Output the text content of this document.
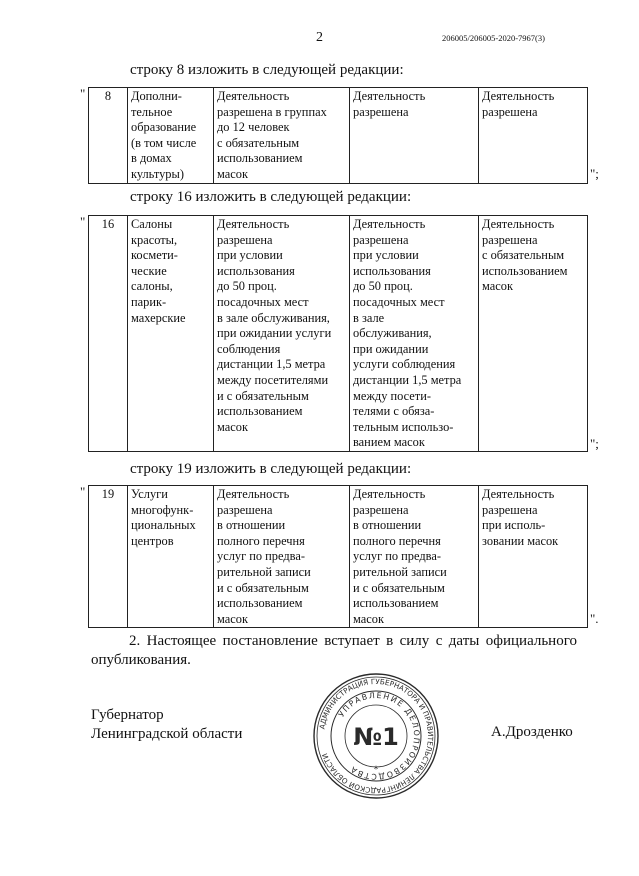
2	206005/206005-2020-7967(3)
строку 8 изложить в следующей редакции:
" 8	Дополни-
тельное
образование
(в том числе
в домах
культуры)	Деятельность
разрешена в группах
до 12 человек
с обязательным
использованием
масок	Деятельность
разрешена	Деятельность
разрешена
";
строку 16 изложить в следующей редакции:
" 16	Салоны
красоты,
космети-
ческие
салоны,
парик-
махерские	Деятельность
разрешена
при условии
использования
до 50 проц.
посадочных мест
в зале обслуживания,
при ожидании услуги
соблюдения
дистанции 1,5 метра
между посетителями
и с обязательным
использованием
масок	Деятельность
разрешена
при условии
использования
до 50 проц.
посадочных мест
в зале
обслуживания,
при ожидании
услуги соблюдения
дистанции 1,5 метра
между посети-
телями с обяза-
тельным использо-
ванием масок	Деятельность
разрешена
с обязательным
использованием
масок
";
строку 19 изложить в следующей редакции:
" 19	Услуги
многофунк-
циональных
центров	Деятельность
разрешена
в отношении
полного перечня
услуг по предва-
рительной записи
и с обязательным
использованием
масок	Деятельность
разрешена
в отношении
полного перечня
услуг по предва-
рительной записи
и с обязательным
использованием
масок	Деятельность
разрешена
при исполь-
зовании масок
".
2. Настоящее постановление вступает в силу с даты официального опубликования.
Губернатор
Ленинградской области	А.Дрозденко
АДМИНИСТРАЦИЯ ГУБЕРНАТОРА И ПРАВИТЕЛЬСТВА ЛЕНИНГРАДСКОЙ ОБЛАСТИ
УПРАВЛЕНИЕ ДЕЛОПРОИЗВОДСТВА
№1
*
